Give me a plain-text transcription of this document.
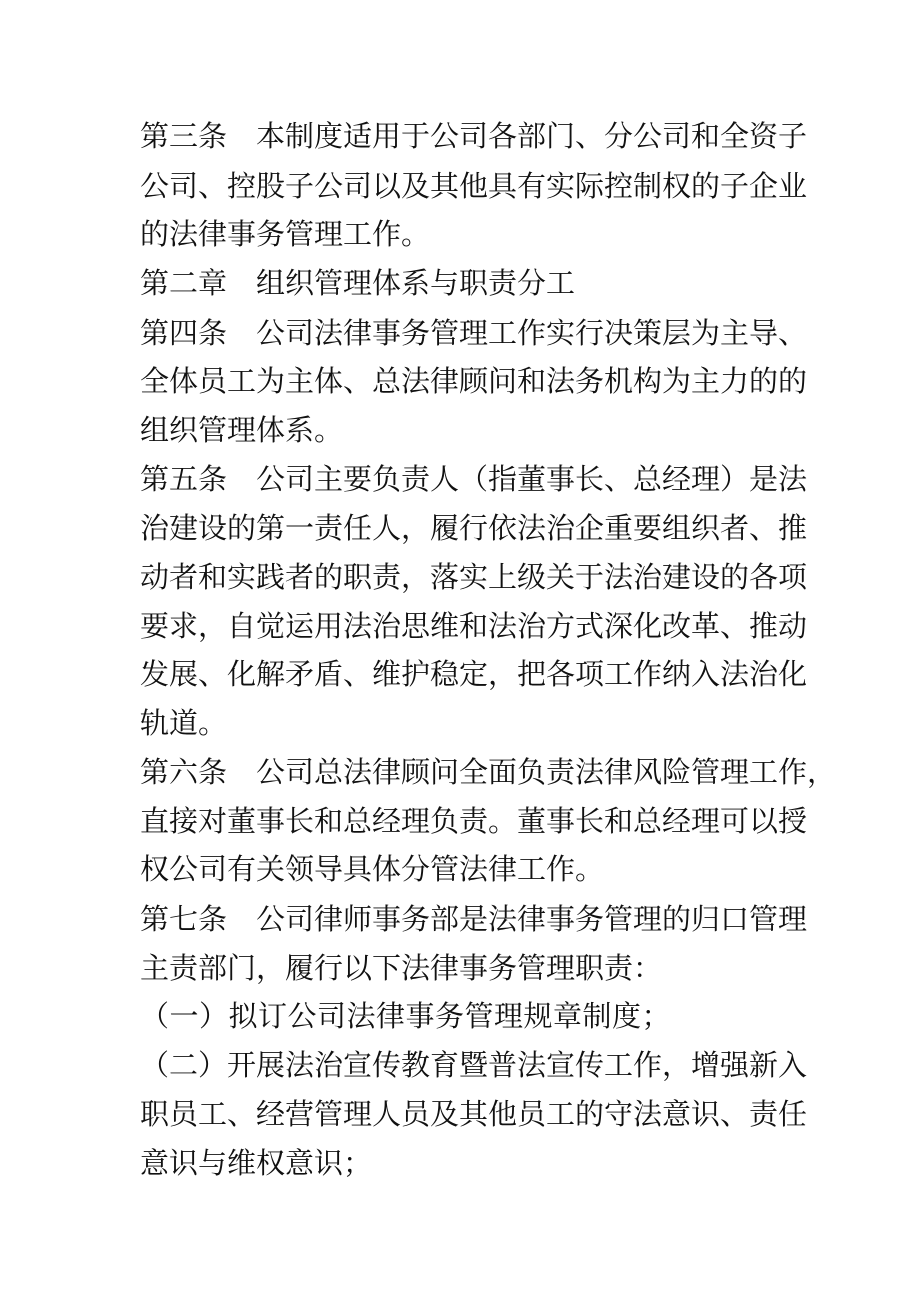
第三条　本制度适用于公司各部门、分公司和全资子
公司、控股子公司以及其他具有实际控制权的子企业
的法律事务管理工作。
第二章　组织管理体系与职责分工
第四条　公司法律事务管理工作实行决策层为主导、
全体员工为主体、总法律顾问和法务机构为主力的的
组织管理体系。
第五条　公司主要负责人（指董事长、总经理）是法
治建设的第一责任人，履行依法治企重要组织者、推
动者和实践者的职责，落实上级关于法治建设的各项
要求，自觉运用法治思维和法治方式深化改革、推动
发展、化解矛盾、维护稳定，把各项工作纳入法治化
轨道。
第六条　公司总法律顾问全面负责法律风险管理工作，
直接对董事长和总经理负责。董事长和总经理可以授
权公司有关领导具体分管法律工作。
第七条　公司律师事务部是法律事务管理的归口管理
主责部门，履行以下法律事务管理职责：
（一）拟订公司法律事务管理规章制度；
（二）开展法治宣传教育暨普法宣传工作，增强新入
职员工、经营管理人员及其他员工的守法意识、责任
意识与维权意识；
